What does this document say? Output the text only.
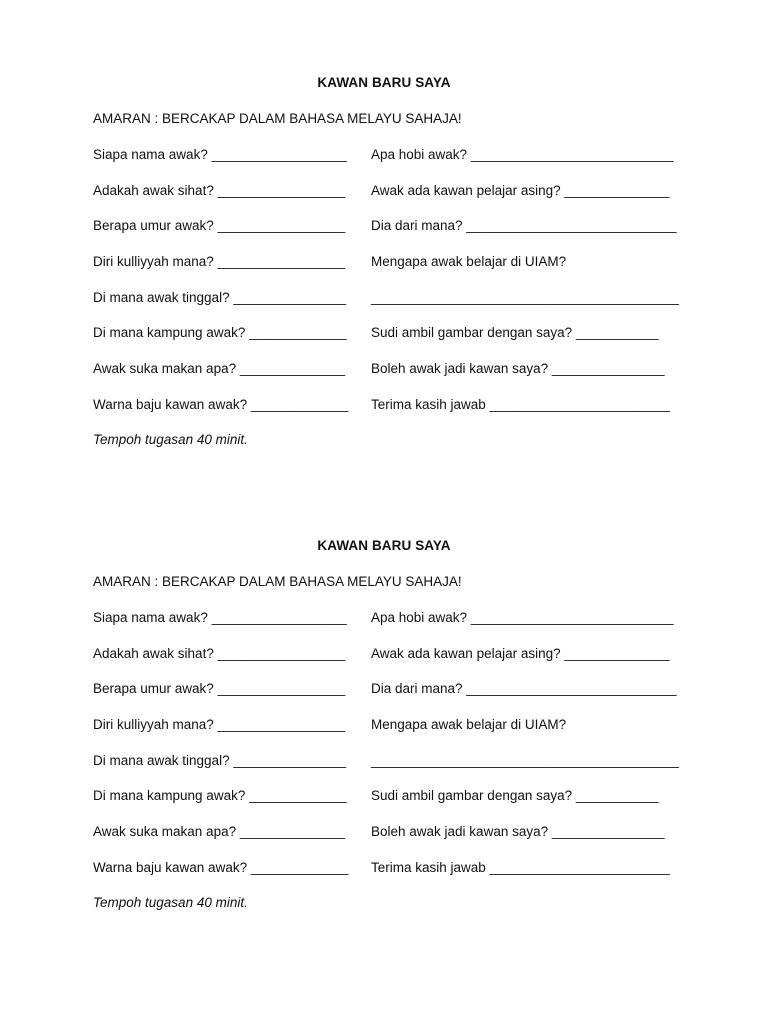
KAWAN BARU SAYA
AMARAN : BERCAKAP DALAM BAHASA MELAYU SAHAJA!
Siapa nama awak? __________________
Adakah awak sihat? _________________
Berapa umur awak? _________________
Diri kulliyyah mana? _________________
Di mana awak tinggal? _______________
Di mana kampung awak? _____________
Awak suka makan apa? ______________
Warna baju kawan awak? _____________
Apa hobi awak? ___________________________
Awak ada kawan pelajar asing? ______________
Dia dari mana? ____________________________
Mengapa awak belajar di UIAM?
_________________________________________
Sudi ambil gambar dengan saya? ___________
Boleh awak jadi kawan saya? _______________
Terima kasih jawab ________________________
Tempoh tugasan 40 minit.
KAWAN BARU SAYA
AMARAN : BERCAKAP DALAM BAHASA MELAYU SAHAJA!
Siapa nama awak? __________________
Adakah awak sihat? _________________
Berapa umur awak? _________________
Diri kulliyyah mana? _________________
Di mana awak tinggal? _______________
Di mana kampung awak? _____________
Awak suka makan apa? ______________
Warna baju kawan awak? _____________
Apa hobi awak? ___________________________
Awak ada kawan pelajar asing? ______________
Dia dari mana? ____________________________
Mengapa awak belajar di UIAM?
_________________________________________
Sudi ambil gambar dengan saya? ___________
Boleh awak jadi kawan saya? _______________
Terima kasih jawab ________________________
Tempoh tugasan 40 minit.
